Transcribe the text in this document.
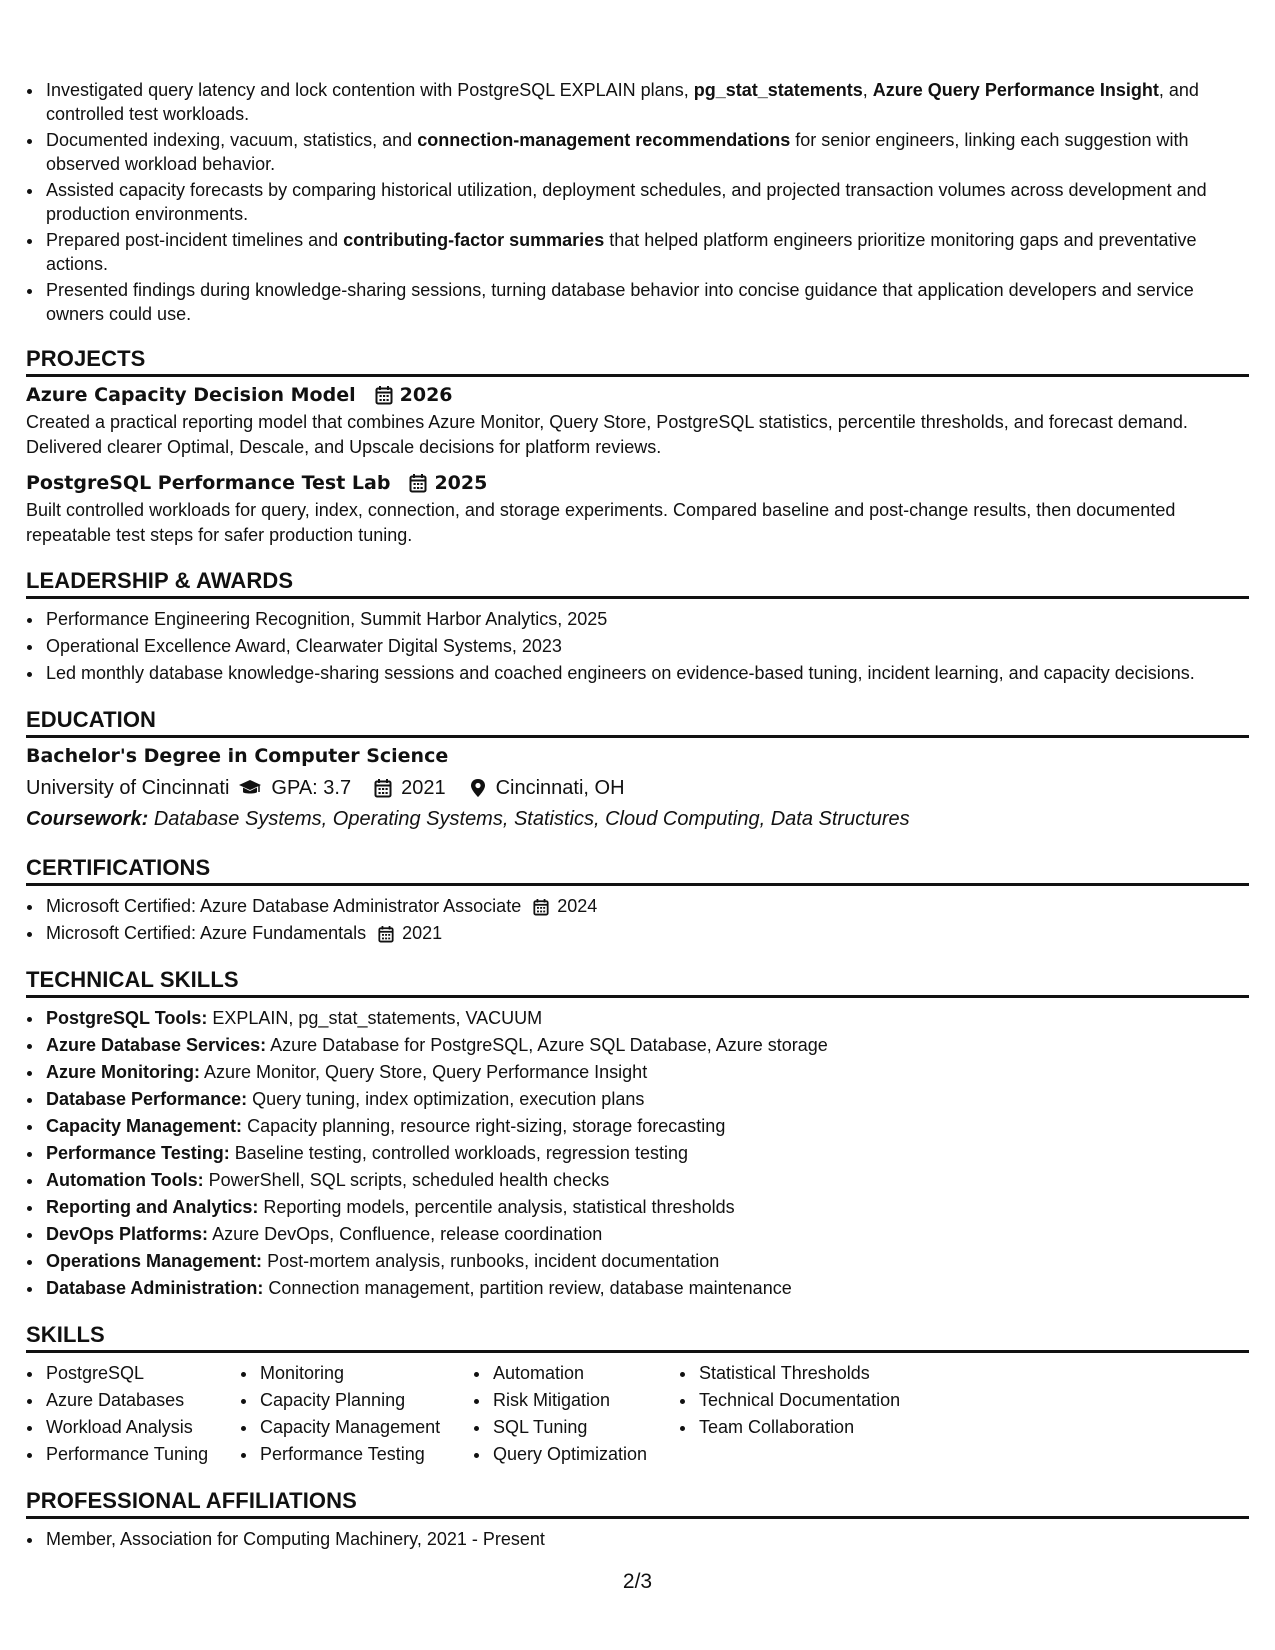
• Investigated query latency and lock contention with PostgreSQL EXPLAIN plans, pg_stat_statements, Azure Query Performance Insight, and controlled test workloads.
• Documented indexing, vacuum, statistics, and connection-management recommendations for senior engineers, linking each suggestion with observed workload behavior.
• Assisted capacity forecasts by comparing historical utilization, deployment schedules, and projected transaction volumes across development and production environments.
• Prepared post-incident timelines and contributing-factor summaries that helped platform engineers prioritize monitoring gaps and preventative actions.
• Presented findings during knowledge-sharing sessions, turning database behavior into concise guidance that application developers and service owners could use.
PROJECTS
Azure Capacity Decision Model 2026
Created a practical reporting model that combines Azure Monitor, Query Store, PostgreSQL statistics, percentile thresholds, and forecast demand. Delivered clearer Optimal, Descale, and Upscale decisions for platform reviews.
PostgreSQL Performance Test Lab 2025
Built controlled workloads for query, index, connection, and storage experiments. Compared baseline and post-change results, then documented repeatable test steps for safer production tuning.
LEADERSHIP & AWARDS
• Performance Engineering Recognition, Summit Harbor Analytics, 2025
• Operational Excellence Award, Clearwater Digital Systems, 2023
• Led monthly database knowledge-sharing sessions and coached engineers on evidence-based tuning, incident learning, and capacity decisions.
EDUCATION
Bachelor's Degree in Computer Science
University of Cincinnati GPA: 3.7	2021	Cincinnati, OH
Coursework: Database Systems, Operating Systems, Statistics, Cloud Computing, Data Structures
CERTIFICATIONS
• Microsoft Certified: Azure Database Administrator Associate 2024
• Microsoft Certified: Azure Fundamentals 2021
TECHNICAL SKILLS
• PostgreSQL Tools: EXPLAIN, pg_stat_statements, VACUUM
• Azure Database Services: Azure Database for PostgreSQL, Azure SQL Database, Azure storage
• Azure Monitoring: Azure Monitor, Query Store, Query Performance Insight
• Database Performance: Query tuning, index optimization, execution plans
• Capacity Management: Capacity planning, resource right-sizing, storage forecasting
• Performance Testing: Baseline testing, controlled workloads, regression testing
• Automation Tools: PowerShell, SQL scripts, scheduled health checks
• Reporting and Analytics: Reporting models, percentile analysis, statistical thresholds
• DevOps Platforms: Azure DevOps, Confluence, release coordination
• Operations Management: Post-mortem analysis, runbooks, incident documentation
• Database Administration: Connection management, partition review, database maintenance
SKILLS
• PostgreSQL
• Azure Databases
• Workload Analysis
• Performance Tuning
• Monitoring
• Capacity Planning
• Capacity Management
• Performance Testing
• Automation
• Risk Mitigation
• SQL Tuning
• Query Optimization
• Statistical Thresholds
• Technical Documentation
• Team Collaboration
PROFESSIONAL AFFILIATIONS
• Member, Association for Computing Machinery, 2021 - Present
2/3
